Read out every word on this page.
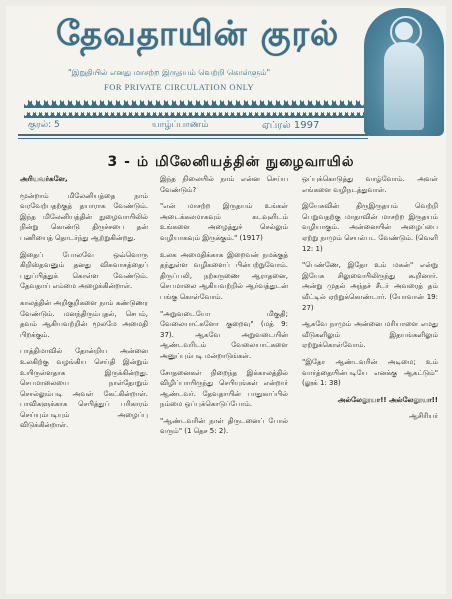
தேவதாயின் குரல்
"இறுதியில் எனது மாசற்ற இருதயம் வெற்றி கொள்ளும்"
FOR PRIVATE CIRCULATION ONLY
குரல்: 5	யாழ்ப்பாணம்	ஏப்ரல் 1997
3 - ம் மிலேனியத்தின் நுழைவாயில்

அரியவர்களே,

மூன்றாம் மிலேனியத்தை நாம் வரவேற்பதற்குத் தயாராக வேண்டும். இந்த மிலேனியத்தின் நுழைவாயிலில் நின்று கொண்டு திருச்சபை தன் பணியைத் தொடர்ந்து ஆற்றுகின்றது.

இதைப் போலவே ஒவ்வொரு கிறிஸ்தவனும் தனது விசுவாசத்தைப் புதுப்பித்துக் கொள்ள வேண்டும். தேவதாய் எம்மை அழைக்கின்றாள்.

காலத்தின் அறிகுறிகளை நாம் கண்டுணர வேண்டும். மனந்திரும்புதல், செபம், தவம் ஆகியவற்றின் மூலமே அமைதி பிறக்கும்.

பாத்திமாவில் தோன்றிய அன்னை உலகிற்கு வழங்கிய செய்தி இன்றும் உயிருள்ளதாக இருக்கின்றது. செபமாலையை நாள்தோறும் சொல்லும்படி அவள் கேட்கின்றாள். பாவிகளுக்காக செபித்துப் பரிகாரம் செய்யும்படியும் அழைப்பு விடுக்கின்றாள்.

இந்த நிலையில் நாம் என்ன செய்ய வேண்டும்?

"என் மாசற்ற இருதயம் உங்கள் அடைக்கலமாகவும் கடவுளிடம் உங்களை அழைத்துச் செல்லும் வழியாகவும் இருக்கும்." (1917)

உலக அமைதிக்காக இறைவன் நமக்குத் தந்துள்ள வழிகளைப் பின்பற்றுவோம். திருப்பலி, நற்கருணை ஆராதனை, செபமாலை ஆகியவற்றில் ஆர்வத்துடன் பங்கு கொள்வோம்.

"அறுவடையோ மிகுதி; வேலையாட்களோ குறைவு" (மத் 9: 37). ஆகவே அறுவடையின் ஆண்டவரிடம் வேலையாட்களை அனுப்பும்படி மன்றாடுங்கள்.

சோதனைகள் நிறைந்த இக்காலத்தில் விழிப்பாயிருந்து செபியுங்கள் என்றார் ஆண்டவர். தேவதாயின் பாதுகாப்பில் நம்மை ஒப்புக்கொடுப்போம்.

"ஆண்டவரின் நாள் திருடனைப் போல் வரும்" (1 தெச 5: 2).

ஒப்புக்கொடுத்து வாழ்வோம். அவள் எங்களை வழிநடத்துவாள்.

இயேசுவின் திருஇருதயம் வெற்றி பெறுவதற்கு மாதாவின் மாசற்ற இருதயம் வழியாகும். அன்னையின் அழைப்பை ஏற்று நாமும் செயல்பட வேண்டும். (வெளி 12: 1)

"பெண்ணே, இதோ உம் மகன்" என்று இயேசு சிலுவையிலிருந்து கூறினார். அன்று முதல் அந்தச் சீடர் அவரைத் தம் வீட்டில் ஏற்றுக்கொண்டார். (யோவான் 19: 27)

ஆகவே நாமும் அன்னை மரியாளை எமது வீடுகளிலும் இதயங்களிலும் ஏற்றுக்கொள்வோம்.

"இதோ ஆண்டவரின் அடிமை; உம் வார்த்தையின்படியே எனக்கு ஆகட்டும்" (லூக் 1: 38)

அல்லேலூயா!! அல்லேலூயா!!

ஆசிரியர்
